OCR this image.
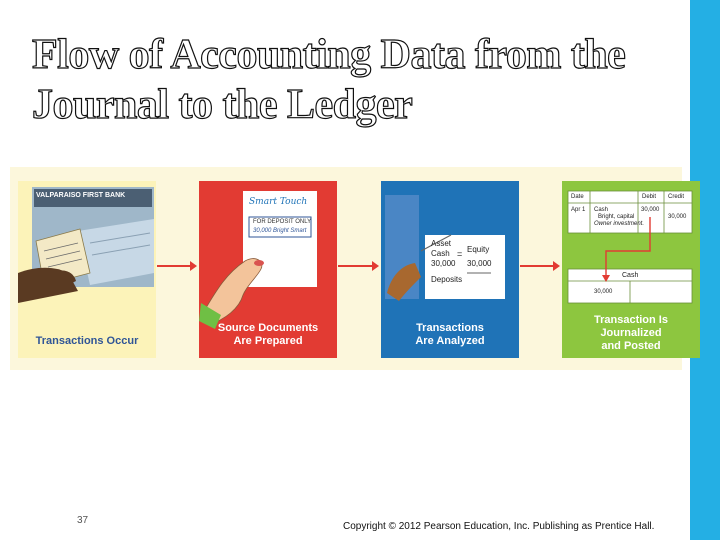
Flow of Accounting Data from the
Journal to the Ledger
VALPARAISO FIRST BANK
Transactions Occur
Smart Touch
FOR DEPOSIT ONLY
30,000 Bright Smart
Source Documents
Are Prepared
Asset
Cash
30,000
= Equity
30,000
Deposits
Transactions
Are Analyzed
Date	Debit Credit
Apr 1 Cash
Bright, capital
Owner investment.
30,000
30,000
Cash
30,000
Transaction Is
Journalized
and Posted
37
Copyright © 2012 Pearson Education, Inc. Publishing as Prentice Hall.
